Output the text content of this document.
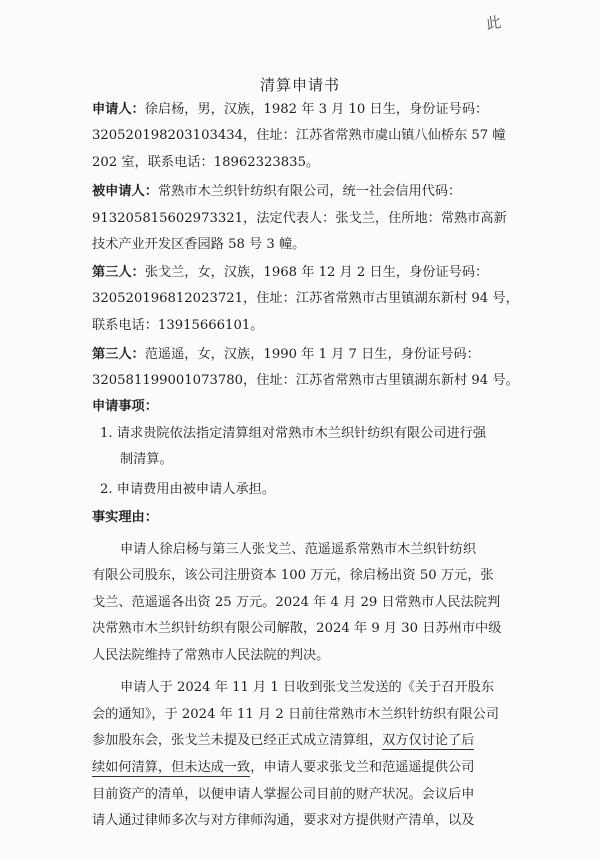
此
清算申请书
申请人：徐启杨，男，汉族，1982 年 3 月 10 日生，身份证号码：
320520198203103434，住址：江苏省常熟市虞山镇八仙桥东 57 幢
202 室，联系电话：18962323835。
被申请人：常熟市木兰织针纺织有限公司，统一社会信用代码：
913205815602973321，法定代表人：张戈兰，住所地：常熟市高新
技术产业开发区香园路 58 号 3 幢。
第三人：张戈兰，女，汉族，1968 年 12 月 2 日生，身份证号码：
320520196812023721，住址：江苏省常熟市古里镇湖东新村 94 号，
联系电话：13915666101。
第三人：范遥遥，女，汉族，1990 年 1 月 7 日生，身份证号码：
320581199001073780，住址：江苏省常熟市古里镇湖东新村 94 号。
申请事项：
1. 请求贵院依法指定清算组对常熟市木兰织针纺织有限公司进行强
制清算。
2. 申请费用由被申请人承担。
事实理由：
申请人徐启杨与第三人张戈兰、范遥遥系常熟市木兰织针纺织
有限公司股东，该公司注册资本 100 万元，徐启杨出资 50 万元，张
戈兰、范遥遥各出资 25 万元。2024 年 4 月 29 日常熟市人民法院判
决常熟市木兰织针纺织有限公司解散，2024 年 9 月 30 日苏州市中级
人民法院维持了常熟市人民法院的判决。
申请人于 2024 年 11 月 1 日收到张戈兰发送的《关于召开股东
会的通知》，于 2024 年 11 月 2 日前往常熟市木兰织针纺织有限公司
参加股东会，张戈兰未提及已经正式成立清算组，双方仅讨论了后
续如何清算，但未达成一致，申请人要求张戈兰和范遥遥提供公司
目前资产的清单，以便申请人掌握公司目前的财产状况。会议后申
请人通过律师多次与对方律师沟通，要求对方提供财产清单，以及
